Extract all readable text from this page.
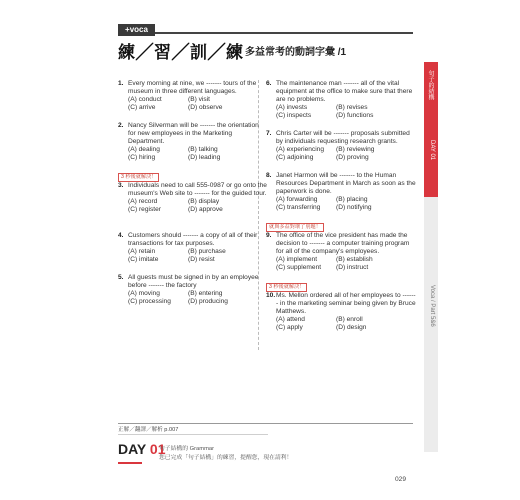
+voca
練╱習╱訓╱練 多益常考的動詞字彙 /1
1. Every morning at nine, we ------- tours of the museum in three different languages.
(A) conduct	(B) visit
(C) arrive	(D) observe
2. Nancy Silverman will be ------- the orientation for new employees in the Marketing Department.
(A) dealing	(B) talking
(C) hiring	(D) leading
3 秒後就解決！
3. Individuals need to call 555-0987 or go onto the museum's Web site to ------- for the guided tour.
(A) record	(B) display
(C) register	(D) approve
4. Customers should ------- a copy of all of their transactions for tax purposes.
(A) retain	(B) purchase
(C) imitate	(D) resist
5. All guests must be signed in by an employee before ------- the factory
(A) moving	(B) entering
(C) processing	(D) producing
6. The maintenance man ------- all of the vital equipment at the office to make sure that there are no problems.
(A) invests	(B) revises
(C) inspects	(D) functions
7. Chris Carter will be ------- proposals submitted by individuals requesting research grants.
(A) experiencing	(B) reviewing
(C) adjoining	(D) proving
8. Janet Harmon will be ------- to the Human Resources Department in March as soon as the paperwork is done.
(A) forwarding	(B) placing
(C) transferring	(D) notifying
就與多益對壞了別題！
9. The office of the vice president has made the decision to ------- a computer training program for all of the company's employees.
(A) implement	(B) establish
(C) supplement	(D) instruct
3 秒後就解決！
10. Ms. Mellon ordered all of her employees to ------- in the marketing seminar being given by Bruce Matthews.
(A) attend	(B) enroll
(C) apply	(D) design
句子的結構
DAY 01
Voca / Part 5&6
正解／翻譯／解析 p.007
DAY 01
句子結構的 Grammar
您已完成「句子結構」的練習，提醒您，現在請利！
029
